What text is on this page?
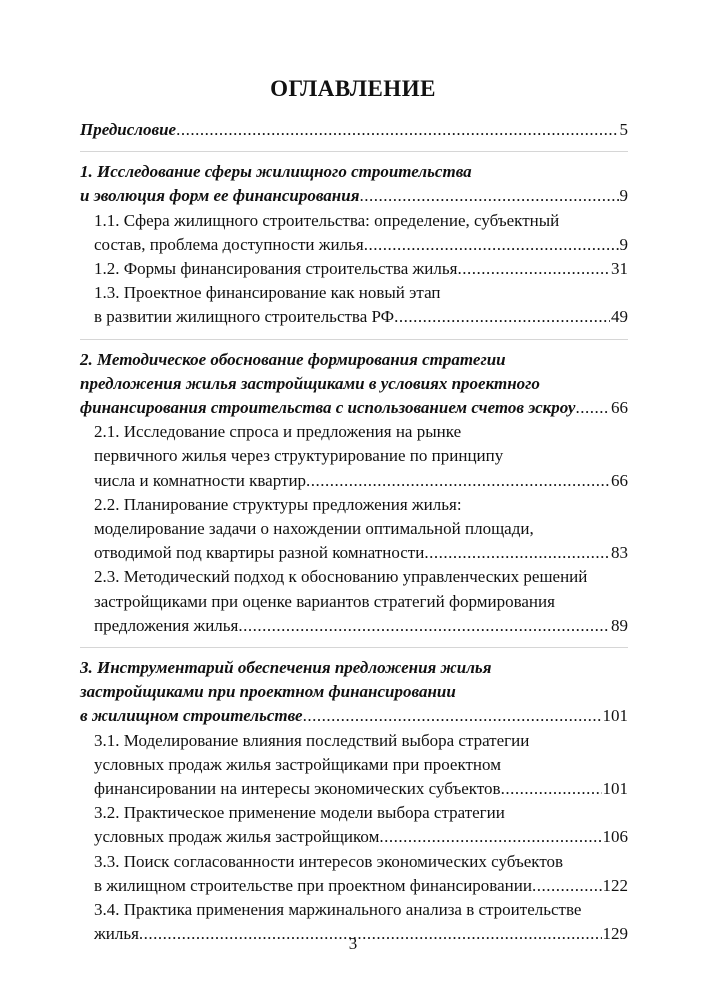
ОГЛАВЛЕНИЕ
Предисловие .....	5
1. Исследование сферы жилищного строительства
и эволюция форм ее финансирования .....	9
1.1. Сфера жилищного строительства: определение, субъектный
состав, проблема доступности жилья .....	9
1.2. Формы финансирования строительства жилья .....	31
1.3. Проектное финансирование как новый этап
в развитии жилищного строительства РФ .....	49
2. Методическое обоснование формирования стратегии
предложения жилья застройщиками в условиях проектного
финансирования строительства с использованием счетов эскроу ..... 66
2.1. Исследование спроса и предложения на рынке
первичного жилья через структурирование по принципу
числа и комнатности квартир .....	66
2.2. Планирование структуры предложения жилья:
моделирование задачи о нахождении оптимальной площади,
отводимой под квартиры разной комнатности .....	83
2.3. Методический подход к обоснованию управленческих решений
застройщиками при оценке вариантов стратегий формирования
предложения жилья .....	89
3. Инструментарий обеспечения предложения жилья
застройщиками при проектном финансировании
в жилищном строительстве .....	101
3.1. Моделирование влияния последствий выбора стратегии
условных продаж жилья застройщиками при проектном
финансировании на интересы экономических субъектов .....	101
3.2. Практическое применение модели выбора стратегии
условных продаж жилья застройщиком .....	106
3.3. Поиск согласованности интересов экономических субъектов
в жилищном строительстве при проектном финансировании .....	122
3.4. Практика применения маржинального анализа в строительстве
жилья .....	129
3
